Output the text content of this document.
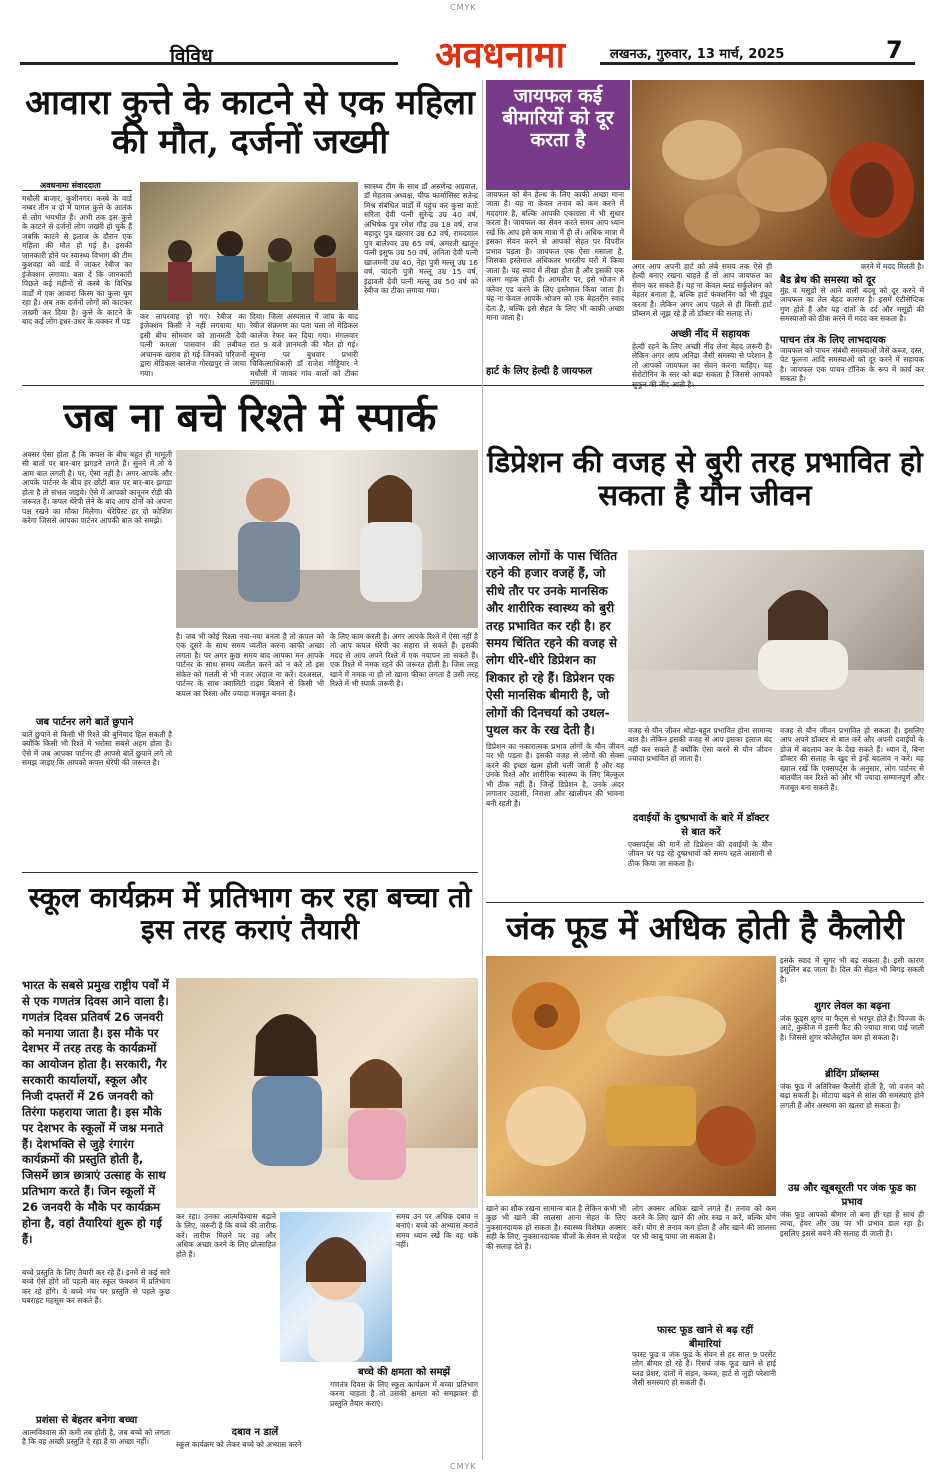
CMYK
विविध	अवधनामा	लखनऊ, गुरुवार, 13 मार्च, 2025	7
आवारा कुत्ते के काटने से एक महिला की मौत, दर्जनों जख्मी
अवधनामा संवाददाता
मधौली बाजार, कुशीनगर। कस्बे के वार्ड नम्बर तीन व दो में पागल कुत्ते के आतंक से लोग भयभीत हैं। अभी तक इस कुत्ते के काटने से दर्जनों लोग जख्मी हो चुके हैं जबकि काटने से इलाज के दौरान एक महिला की मौत हो गई है। इसकी जानकारी होने पर स्वास्थ्य विभाग की टीम कुशवहा को वार्ड में जाकर रेबीज का इंजेक्शन लगाया। बता दें कि जानकारी पिछले कई महीनों से कस्बे के विभिन्न वार्डों में एक आवारा किस्म का कुत्ता घूम रहा है। अब तक दर्जनों लोगों को काटकर जख्मी कर दिया है। कुत्ते के काटने के बाद कई लोग इधर-उधर के चक्कर में पड़
कर लापरवाह हो गए। रेबीज का इंजेक्शन किसी ने नहीं लगवाया था। इसी बीच सोमवार को ज्ञानमती देवी पत्नी कमला पासवान की तबीयत अचानक खराब हो गई जिनको परिजनों द्वारा मेडिकल कालेज गोरखपुर ले जाया गया।
दिया। जिला अस्पताल में जांच के बाद रेबीज संक्रमण का पता चला तो मेडिकल कालेज रेफर कर दिया गया। मंगलवार रात 9 बजे ज्ञानमती की मौत हो गई। सूचना पर बुधवार प्रभारी चिकित्साधिकारी डॉ राजेश गोड्डियार ने मधौली में जाकर गांव वालों को टीका लगवाया।
स्वास्थ्य टीम के साथ डॉ अरुणेन्द्र अग्रवाल, डॉ मेहताब अध्यक्ष, चीफ फार्मासिस्ट सतेन्द्र मिश्र संबंधित वार्डों में पहुंच कर कुत्ता काटे सरिता देवी पत्नी सुरेन्द्र उम्र 40 वर्ष, अभिषेक पुत्र रमेश गौड़ उम्र 18 वर्ष, राज बहादुर पुत्र खरवार उम्र 62 वर्ष, रामदयाल पुत्र बालेश्वर उम्र 65 वर्ष, अमरती खातून पत्नी इसुफ उम्र 50 वर्ष, अनिता देवी पत्नी खाजमनी उम्र 40, नेहा पुत्री मल्लू उम्र 16 वर्ष, चांदनी पुत्री मल्लू उम्र 15 वर्ष, इंद्रावती देवी पत्नी मल्लू उम्र 50 वर्ष को रेबीज का टीका लगाया गया।
जायफल कई बीमारियों को दूर करता है
जायफल को बेन हेल्थ के लिए काफी अच्छा माना जाता है। यह ना केवल तनाव को कम करने में मददगार है, बल्कि आपकी एकाग्रता में भी सुधार करता है। जायफल का सेवन करते समय आप ध्यान रखें कि आप इसे कम मात्रा में ही लें। अधिक मात्रा में इसका सेवन करने से आपको सेहत पर विपरीत प्रभाव पड़ता है। जायफल एक ऐसा मसाला है, जिसका इस्तेमाल अधिकतर भारतीय घरों में किया जाता है। यह स्वाद में तीखा होता है और इसकी एक अलग महक होती है। आमतौर पर, इसे भोजन में फ्लेवर एड करने के लिए इस्तेमाल किया जाता है। यह ना केवल आपके भोजन को एक बेहतरीन स्वाद देता है, बल्कि इसे सेहत के लिए भी काफी अच्छा माना जाता है।
हार्ट के लिए हेल्दी है जायफल
अगर आप अपनी हार्ट को लंबे समय तक ऐसे ही हेल्दी बनाए रखना चाहते हैं तो आप जायफल का सेवन कर सकते हैं। यह ना केवल ब्लड सर्कुलेशन को बेहतर बनाता है, बल्कि हार्ट फंक्शनिंग को भी इंप्रूव करता है। लेकिन अगर आप पहले से ही किसी हार्ट प्रॉब्लम से जूझ रहे हैं तो डॉक्टर की सलाह लें।
अच्छी नींद में सहायक
हेल्दी रहने के लिए अच्छी नींद लेना बेहद जरूरी है। लेकिन अगर आप अनिद्रा जैसी समस्या से परेशान हैं तो आपको जायफल का सेवन करना चाहिए। यह सेरोटोनिन के स्तर को बढ़ा सकता है जिससे आपको सुकून की नींद आती है।
करने में मदद मिलती है।
बैड ब्रेथ की समस्या को दूर
मुंह व मसूड़ों से आने वाली बदबू को दूर करने में जायफल का तेल बेहद कारगर है। इसमें एंटीसेप्टिक गुण होते हैं और यह दांतों के दर्द और मसूड़ों की समस्याओं को ठीक करने में मदद कर सकता है।
पाचन तंत्र के लिए लाभदायक
जायफल को पाचन संबंधी समस्याओं जैसे कब्ज, दस्त, पेट फूलना आदि समस्याओं को दूर करने में सहायक है। जायफल एक पाचन टॉनिक के रूप में कार्य कर सकता है।
जब ना बचे रिश्ते में स्पार्क
अक्सर ऐसा होता है कि कपल के बीच बहुत ही मामूली सी बातों पर बार-बार झगड़ने लगते हैं। सुनने में तो ये आम बात लगती है। पर, ऐसा नहीं है। अगर आपके और आपके पार्टनर के बीच हर छोटी बात पर बार-बार झगड़ा होता है तो संभल जाइये। ऐसे में आपको कानूनन रोड़ी की जरूरत है। कपल थेरेपी लेने के बाद आप दोनों को अपना पक्ष रखने का मौका मिलेगा। थेरेपिस्ट हर दो कोशिश करेगा जिससे आपका पार्टनर आपकी बात को समझे।
जब पार्टनर लगे बातें छुपाने
बातें छुपाने से किसी भी रिश्ते की बुनियाद हिल सकती है क्योंकि किसी भी रिश्ते में भरोसा सबसे अहम होता है। ऐसे में जब आपका पार्टनर ही आपसे बातें छुपाने लगे तो समझ जाइए कि आपको कपल थेरेपी की जरूरत है।
है। जब भी कोई रिश्ता नया-नया बनता है तो कपल को एक दूसरे के साथ समय व्यतीत करना काफी अच्छा लगता है। पर अगर कुछ समय बाद आपका मन आपके पार्टनर के साथ समय व्यतीत करने को न करे तो इस संकेत को गलती से भी नजर अंदाज ना करें। दरअसल, पार्टनर के साथ क्वालिटी टाइम बिताने से किसी भी कपल का रिश्ता और ज्यादा मजबूत बनता है।
के लिए काम करती है। अगर आपके रिश्ते में ऐसा नहीं है तो आप कपल थेरेपी का सहारा ले सकते हैं। इसकी मदद से आप अपने रिश्ते में एक नयापन ला सकते हैं। एक रिश्ते में नमक रहने की जरूरत होती है। जिस तरह खाने में नमक ना हो तो खाना फीका लगता है उसी तरह रिश्ते में भी स्पार्क जरूरी है।
डिप्रेशन की वजह से बुरी तरह प्रभावित हो सकता है यौन जीवन
आजकल लोगों के पास चिंतित रहने की हजार वजहें हैं, जो सीधे तौर पर उनके मानसिक और शारीरिक स्वास्थ्य को बुरी तरह प्रभावित कर रही है। हर समय चिंतित रहने की वजह से लोग धीरे-धीरे डिप्रेशन का शिकार हो रहे हैं। डिप्रेशन एक ऐसी मानसिक बीमारी है, जो लोगों की दिनचर्या को उथल-पुथल कर के रख देती है।
डिप्रेशन का नकारात्मक प्रभाव लोगों के यौन जीवन पर भी पड़ता है। इसकी वजह से लोगों की सेक्स करने की इच्छा खत्म होती चली जाती है और यह उनके रिश्ते और शारीरिक स्वास्थ्य के लिए बिल्कुल भी ठीक नहीं है। जिन्हें डिप्रेशन है, उनके अंदर लगातार उदासी, निराशा और खालीपन की भावना बनी रहती है।
वजह से यौन जीवन थोड़ा-बहुत प्रभावित होना सामान्य बात है। लेकिन इसकी वजह से आप इसका इलाज बंद नहीं कर सकते हैं क्योंकि ऐसा करने से यौन जीवन ज्यादा प्रभावित हो जाता है।
दवाईयों के दुष्प्रभावों के बारे में डॉक्टर से बात करें
एक्सपर्ट्स की मानें तो डिप्रेशन की दवाईयों के यौन जीवन पर पड़ रहे दुष्प्रभावों को समय रहते आसानी से ठीक किया जा सकता है।
वजह से यौन जीवन प्रभावित हो सकता है। इसलिए आप अपने डॉक्टर से बात करें और अपनी दवाईयों के डोज में बदलाव कर के देख सकते हैं। ध्यान दें, बिना डॉक्टर की सलाह के खुद से इन्हें बदलाव न करें। यह ख्याल रखें कि एक्सपर्ट्स के अनुसार, लोग पार्टनर से बातचीत कर रिश्ते को और भी ज्यादा सम्मानपूर्ण और मजबूत बना सकते हैं।
स्कूल कार्यक्रम में प्रतिभाग कर रहा बच्चा तो इस तरह कराएं तैयारी
भारत के सबसे प्रमुख राष्ट्रीय पर्वों में से एक गणतंत्र दिवस आने वाला है। गणतंत्र दिवस प्रतिवर्ष 26 जनवरी को मनाया जाता है। इस मौके पर देशभर में तरह तरह के कार्यक्रमों का आयोजन होता है। सरकारी, गैर सरकारी कार्यालयों, स्कूल और निजी दफ्तरों में 26 जनवरी को तिरंगा फहराया जाता है। इस मौके पर देशभर के स्कूलों में जश्न मनाते हैं। देशभक्ति से जुड़े रंगारंग कार्यक्रमों की प्रस्तुति होती है, जिसमें छात्र छात्राएं उत्साह के साथ प्रतिभाग करते हैं। जिन स्कूलों में 26 जनवरी के मौके पर कार्यक्रम होना है, वहां तैयारियां शुरू हो गई हैं।
बच्चे प्रस्तुति के लिए तैयारी कर रहे हैं। इनमें से कई सारे बच्चे ऐसे होंगे जो पहली बार स्कूल फंक्शन में प्रतिभाग कर रहे होंगे। ये बच्चे मंच पर प्रस्तुति से पहले कुछ घबराहट महसूस कर सकते हैं।
प्रशंसा से बेहतर बनेगा बच्चा
आत्मविश्वास की कमी तब होती है, जब बच्चे को लगता है कि वह अच्छी प्रस्तुति दे रहा है या अच्छा नहीं।
कर रहा। उनका आत्मविश्वास बढ़ाने के लिए, जरूरी है कि बच्चे की तारीफ करें। तारीफ मिलने पर वह और अधिक अच्छा करने के लिए प्रोत्साहित होते हैं।
दबाव न डालें
स्कूल कार्यक्रम को लेकर बच्चे को अभ्यास करने
समय उन पर अधिक दबाव न बनाएं। बच्चे को अभ्यास कराते समय ध्यान रखें कि वह थकें नहीं।
बच्चे की क्षमता को समझें
गणतंत्र दिवस के लिए स्कूल कार्यक्रम में बच्चा प्रतिभाग करना चाहता है तो उसकी क्षमता को समझकर ही प्रस्तुति तैयार कराएं।
जंक फूड में अधिक होती है कैलोरी
खाने का शौक रखना सामान्य बात है लेकिन कभी भी कुछ भी खाने की लालसा आना सेहत के लिए नुकसानदायक हो सकता है। स्वास्थ्य विशेषज्ञ अक्सर सही के लिए, नुकसानदायक चीजों के सेवन से परहेज की सलाह देते हैं।
लोग अक्सर अधिक खाने लगते हैं। तनाव को कम करने के लिए खाने की ओर रुख न करें, बल्कि योग करें। योग से तनाव कम होता है और खाने की लालसा पर भी काबू पाया जा सकता है।
फास्ट फूड खाने से बढ़ रहीं बीमारियां
फास्ट फूड व जंक फूड के सेवन से हर साल 9 परसेंट लोग बीमार हो रहे हैं। रिसर्च जंक फूड खाने से हाई ब्लड प्रेशर, दांतों में सड़न, कब्ज, हार्ट से जुड़ी परेशानी जैसी समस्याएं हो सकती हैं।
इसके स्वाद में सुगर भी बढ़ सकता है। इसी कारण इंसुलिन बढ़ जाता है। दिल की सेहत भी बिगड़ सकती है।
शुगर लेवल का बढ़ना
जंक फूड्स शुगर या फैट्स से भरपूर होते हैं। पिज्जा के आटे, कुकीज में इतनी फैट की ज्यादा मात्रा पाई जाती है। जिससे शुगर कोलेस्ट्रॉल कम हो सकता है।
ब्रीदिंग प्रॉब्लम्स
जंक फूड में अतिरिक्त कैलोरी होती है, जो वजन को बढ़ा सकती है। मोटापा बढ़ने से सांस की समस्याएं होने लगती हैं और अस्थमा का खतरा हो सकता है।
उम्र और खूबसूरती पर जंक फूड का प्रभाव
जंक फूड आपको बीमार तो बना ही रहा है साथ ही त्वचा, हेयर और उम्र पर भी प्रभाव डाल रहा है। इसलिए इससे बचने की सलाह दी जाती है।
CMYK
